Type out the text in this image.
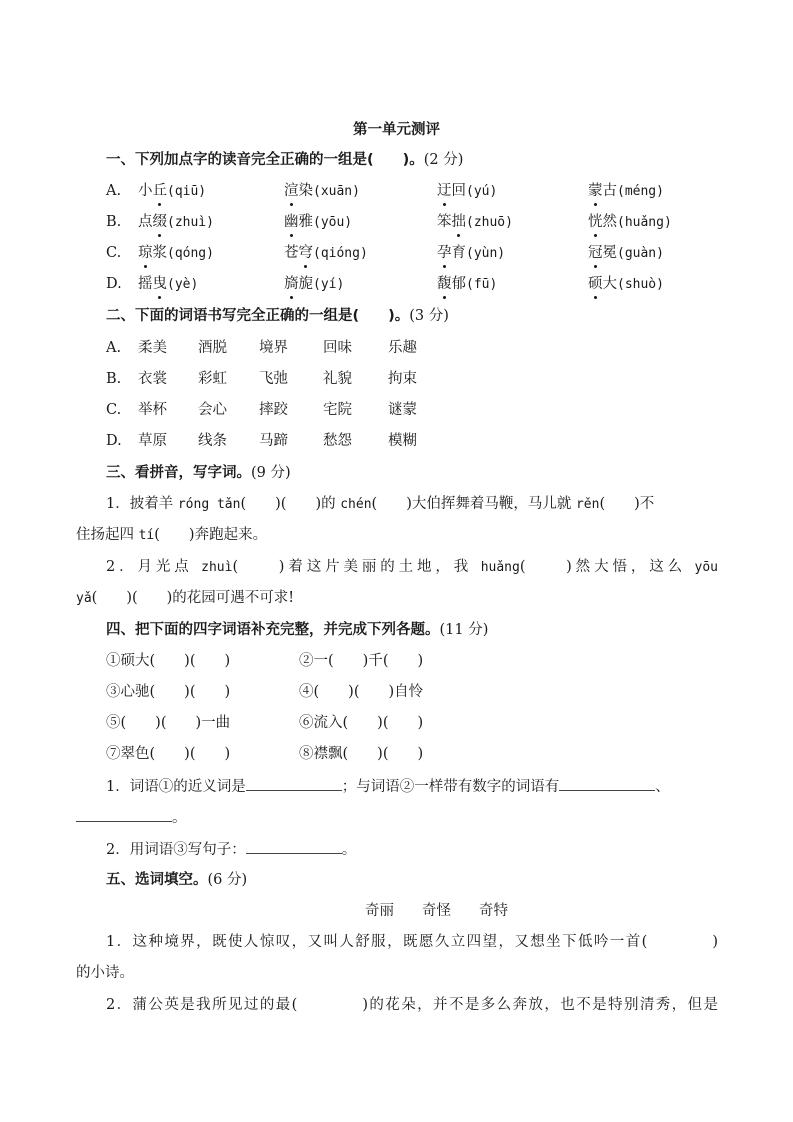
第一单元测评
一、下列加点字的读音完全正确的一组是(　　)。(2 分)
A. 小丘(qiū)	渲染(xuān)	迂回(yú)	蒙古(méng)
B. 点缀(zhuì)	幽雅(yōu)	笨拙(zhuō)	恍然(huǎng)
C. 琼浆(qóng)	苍穹(qióng)	孕育(yùn)	冠冕(guàn)
D. 摇曳(yè)	旖旎(yí)	馥郁(fū)	硕大(shuò)
二、下面的词语书写完全正确的一组是(　　)。(3 分)
A. 柔美 酒脱 境界 回味 乐趣
B. 衣裳 彩虹 飞弛 礼貌 拘束
C. 举杯 会心 摔跤 宅院 谜蒙
D. 草原 线条 马蹄 愁怨 模糊
三、看拼音，写字词。(9 分)
1．披着羊 róng tǎn(　　)(　　)的 chén(　　)大伯挥舞着马鞭，马儿就 rěn(　　)不
住扬起四 tí(　　)奔跑起来。
2．月光点 zhuì(　　)着这片美丽的土地，我 huǎng(　　)然大悟，这么 yōu
yǎ(　　)(　　)的花园可遇不可求!
四、把下面的四字词语补充完整，并完成下列各题。(11 分)
①硕大(　　)(　　)	②一(　　)千(　　)
③心驰(　　)(　　)	④(　　)(　　)自怜
⑤(　　)(　　)一曲	⑥流入(　　)(　　)
⑦翠色(　　)(　　)	⑧襟飘(　　)(　　)
1．词语①的近义词是	；与词语②一样带有数字的词语有	、
。
2．用词语③写句子：	。
五、选词填空。(6 分)
奇丽 奇怪 奇特
1．这种境界，既使人惊叹，又叫人舒服，既愿久立四望，又想坐下低吟一首(　　　　)
的小诗。
2．蒲公英是我所见过的最(　　　　)的花朵，并不是多么奔放，也不是特别清秀，但是
